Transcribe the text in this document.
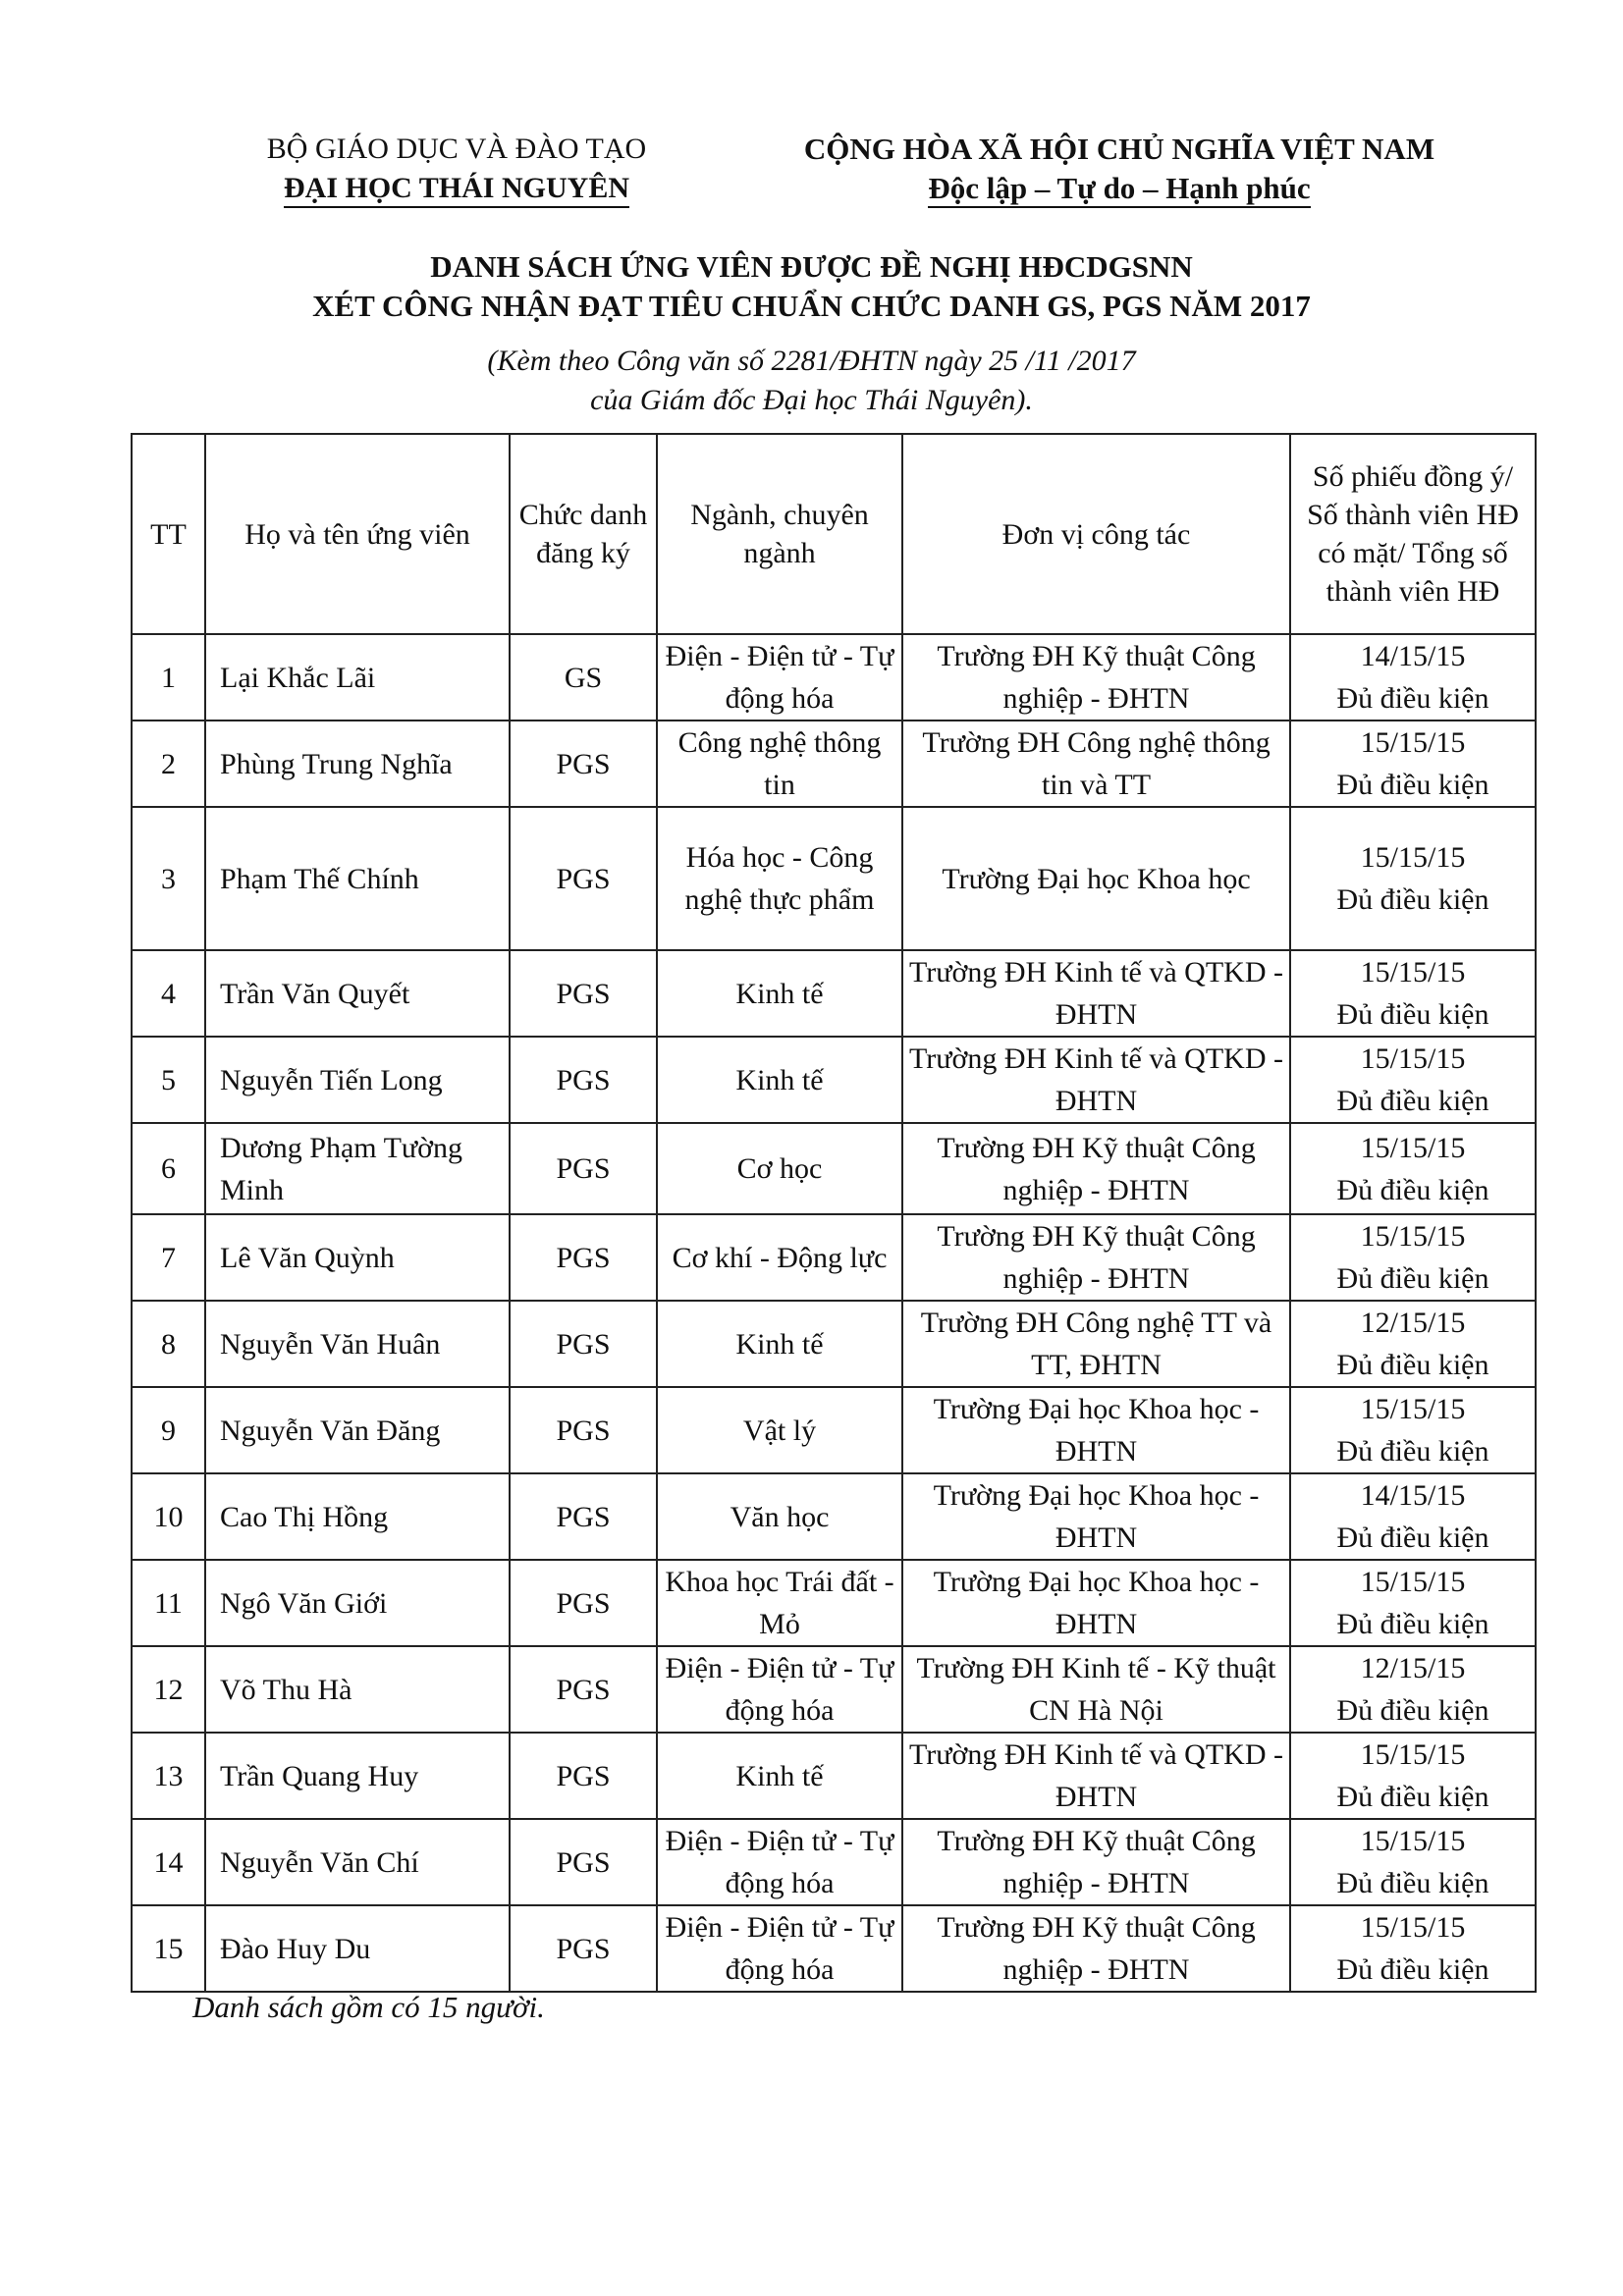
BỘ GIÁO DỤC VÀ ĐÀO TẠO
ĐẠI HỌC THÁI NGUYÊN
CỘNG HÒA XÃ HỘI CHỦ NGHĨA VIỆT NAM
Độc lập – Tự do – Hạnh phúc
DANH SÁCH ỨNG VIÊN ĐƯỢC ĐỀ NGHỊ HĐCDGSNN
XÉT CÔNG NHẬN ĐẠT TIÊU CHUẨN CHỨC DANH GS, PGS NĂM 2017
(Kèm theo Công văn số 2281/ĐHTN ngày 25 /11 /2017
của Giám đốc Đại học Thái Nguyên).
TT	Họ và tên ứng viên	Chức danh đăng ký	Ngành, chuyên ngành	Đơn vị công tác	Số phiếu đồng ý/ Số thành viên HĐ có mặt/ Tổng số thành viên HĐ
1	Lại Khắc Lãi	GS	Điện - Điện tử - Tự động hóa	Trường ĐH Kỹ thuật Công nghiệp - ĐHTN	14/15/15
Đủ điều kiện

2	Phùng Trung Nghĩa	PGS	Công nghệ thông tin	Trường ĐH Công nghệ thông tin và TT	15/15/15
Đủ điều kiện

3	Phạm Thế Chính	PGS	Hóa học - Công nghệ thực phẩm	Trường Đại học Khoa học	15/15/15
Đủ điều kiện

4	Trần Văn Quyết	PGS	Kinh tế	Trường ĐH Kinh tế và QTKD - ĐHTN	15/15/15
Đủ điều kiện

5	Nguyễn Tiến Long	PGS	Kinh tế	Trường ĐH Kinh tế và QTKD - ĐHTN	15/15/15
Đủ điều kiện

6	Dương Phạm Tường Minh	PGS	Cơ học	Trường ĐH Kỹ thuật Công nghiệp - ĐHTN	15/15/15
Đủ điều kiện

7	Lê Văn Quỳnh	PGS	Cơ khí - Động lực	Trường ĐH Kỹ thuật Công nghiệp - ĐHTN	15/15/15
Đủ điều kiện

8	Nguyễn Văn Huân	PGS	Kinh tế	Trường ĐH Công nghệ TT và TT, ĐHTN	12/15/15
Đủ điều kiện

9	Nguyễn Văn Đăng	PGS	Vật lý	Trường Đại học Khoa học - ĐHTN	15/15/15
Đủ điều kiện

10	Cao Thị Hồng	PGS	Văn học	Trường Đại học Khoa học - ĐHTN	14/15/15
Đủ điều kiện

11	Ngô Văn Giới	PGS	Khoa học Trái đất - Mỏ	Trường Đại học Khoa học - ĐHTN	15/15/15
Đủ điều kiện

12	Võ Thu Hà	PGS	Điện - Điện tử - Tự động hóa	Trường ĐH Kinh tế - Kỹ thuật CN Hà Nội	12/15/15
Đủ điều kiện

13	Trần Quang Huy	PGS	Kinh tế	Trường ĐH Kinh tế và QTKD - ĐHTN	15/15/15
Đủ điều kiện

14	Nguyễn Văn Chí	PGS	Điện - Điện tử - Tự động hóa	Trường ĐH Kỹ thuật Công nghiệp - ĐHTN	15/15/15
Đủ điều kiện

15	Đào Huy Du	PGS	Điện - Điện tử - Tự động hóa	Trường ĐH Kỹ thuật Công nghiệp - ĐHTN	15/15/15
Đủ điều kiện
Danh sách gồm có 15 người.
